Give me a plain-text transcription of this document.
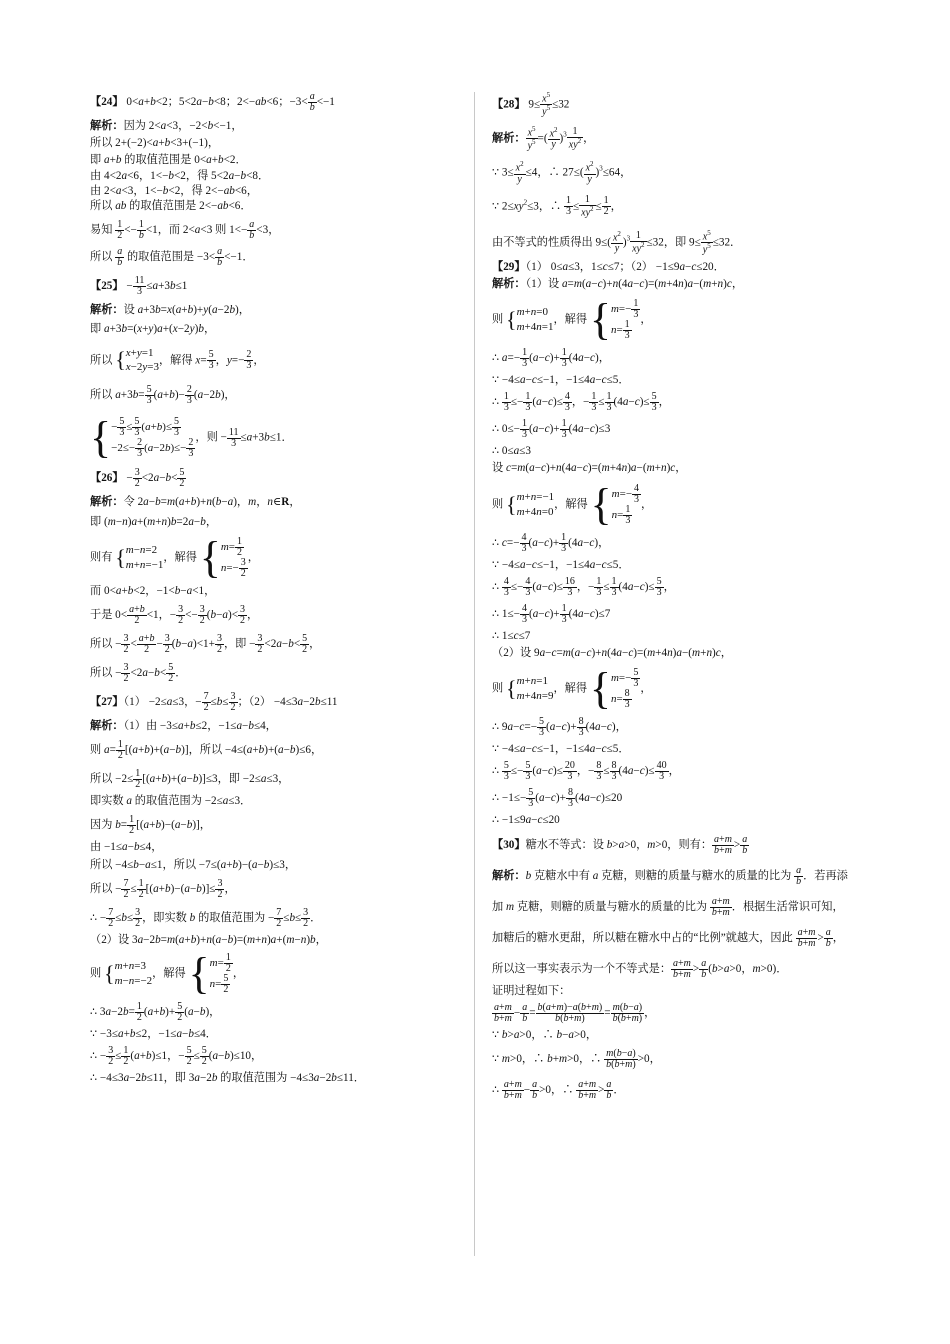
【24】 0<a+b<2；5<2a−b<8；2<−ab<6；$-3< \frac{a}{b} <-1$
解析：因为 2<a<3，−2<b<−1，
所以 2+(−2)<a+b<3+(−1)，
即 a+b 的取值范围是 0<a+b<2．
由 4<2a<6，1<−b<2，得 5<2a−b<8．
由 2<a<3，1<−b<2，得 2<−ab<6，
所以 ab 的取值范围是 2<−ab<6．
易知 $\frac{1}{2} <- \frac{1}{b} <1$，而 2<a<3 则 $1<- \frac{a}{b} <3$，
所以 $\frac{a}{b}$ 的取值范围是 $-3< \frac{a}{b} <-1$．
【25】 − $\frac{11}{3} \le a+3b\le 1$
解析：设 a+3b=x(a+b)+y(a−2b)，
即 a+3b=(x+y)a+(x−2y)b，
所以 { x+y=1
x−2y=3
，解得 $x= \frac{5}{3}$ ，$y=- \frac{2}{3}$ ，
所以 $a+3b= \frac{5}{3} (a+b)- \frac{2}{3} (a-2b)$，
{ − $\frac{5}{3} \le \frac{5}{3} (a+b)\le \frac{5}{3}$
$-2\le- \frac{2}{3} (a-2b)\le- \frac{2}{3}$
，则 − $\frac{11}{3} \le a+3b\le 1$．
【26】 − $\frac{3}{2} <2a-b< \frac{5}{2}$
解析：令 2a−b=m(a+b)+n(b−a)，m，n∈R，
即 (m−n)a+(m+n)b=2a−b，
则有 { m−n=2
m+n=−1
，解得 { $m= \frac{1}{2}$
$n=- \frac{3}{2}$
，
而 0<a+b<2，−1<b−a<1，
于是 $0< \frac{a+b}{2} <1$，− $\frac{3}{2} <- \frac{3}{2} (b-a)< \frac{3}{2}$ ，
所以 − $\frac{3}{2} < \frac{a+b}{2} - \frac{3}{2} (b-a)<1+ \frac{3}{2}$ ，即 − $\frac{3}{2} <2a-b< \frac{5}{2}$ ，
所以 − $\frac{3}{2} <2a-b< \frac{5}{2}$ ．
【27】（1） −2≤a≤3，− $\frac{7}{2} \le b\le \frac{3}{2}$ ；（2） −4≤3a−2b≤11
解析：（1）由 −3≤a+b≤2，−1≤a−b≤4，
则 $a= \frac{1}{2} [(a+b)+(a-b)]$，所以 −4≤(a+b)+(a−b)≤6，
所以 $-2\le \frac{1}{2} [(a+b)+(a-b)]\le 3$，即 −2≤a≤3，
即实数 a 的取值范围为 −2≤a≤3．
因为 $b= \frac{1}{2} [(a+b)-(a-b)]$，
由 −1≤a−b≤4，
所以 −4≤b−a≤1，所以 −7≤(a+b)−(a−b)≤3，
所以 − $\frac{7}{2} \le \frac{1}{2} [(a+b)-(a-b)]\le \frac{3}{2}$ ，
∴ − $\frac{7}{2} \le b\le \frac{3}{2}$ ，即实数 b 的取值范围为 − $\frac{7}{2} \le b\le \frac{3}{2}$ ．
（2）设 3a−2b=m(a+b)+n(a−b)=(m+n)a+(m−n)b，
则 { m+n=3
m−n=−2
，解得 { $m= \frac{1}{2}$
$n= \frac{5}{2}$
，
∴ $3a-2b= \frac{1}{2} (a+b)+ \frac{5}{2} (a-b)$，
∵ −3≤a+b≤2，−1≤a−b≤4．
∴ − $\frac{3}{2} \le \frac{1}{2} (a+b)\le 1$，− $\frac{5}{2} \le \frac{5}{2} (a-b)\le 10$，
∴ −4≤3a−2b≤11，即 3a−2b 的取值范围为 −4≤3a−2b≤11．
【28】 $9\le \frac{x^5}{y^5} \le 32$
解析： $\frac{x^5}{y^5}$ =( $\frac{x^2}{y} )^3 \frac{1}{xy^2}$ ，
∵ $3\le \frac{x^2}{y} \le 4$，∴ $27\le( \frac{x^2}{y} )^3\le 64$，
∵ $2\le xy^2\le 3$，∴ $\frac{1}{3} \le \frac{1}{xy^2} \le \frac{1}{2}$ ，
由不等式的性质得出 $9\le( \frac{x^2}{y} )^3 \frac{1}{xy^2} \le 32$，即 $9\le \frac{x^5}{y^5} \le 32$．
【29】（1） 0≤a≤3，1≤c≤7；（2） −1≤9a−c≤20．
解析：（1）设 a=m(a−c)+n(4a−c)=(m+4n)a−(m+n)c，
则 { m+n=0
m+4n=1
，解得 { $m=- \frac{1}{3}$
$n= \frac{1}{3}$
，
∴ $a=- \frac{1}{3} (a-c)+ \frac{1}{3} (4a-c)$，
∵ −4≤a−c≤−1，−1≤4a−c≤5．
∴ $\frac{1}{3} \le- \frac{1}{3} (a-c)\le \frac{4}{3}$ ，− $\frac{1}{3} \le \frac{1}{3} (4a-c)\le \frac{5}{3}$ ，
∴ $0\le- \frac{1}{3} (a-c)+ \frac{1}{3} (4a-c)\le 3$
∴ 0≤a≤3
设 c=m(a−c)+n(4a−c)=(m+4n)a−(m+n)c，
则 { m+n=−1
m+4n=0
，解得 { $m=- \frac{4}{3}$
$n= \frac{1}{3}$
，
∴ $c=- \frac{4}{3} (a-c)+ \frac{1}{3} (4a-c)$，
∵ −4≤a−c≤−1，−1≤4a−c≤5．
∴ $\frac{4}{3} \le- \frac{4}{3} (a-c)\le \frac{16}{3}$ ，− $\frac{1}{3} \le \frac{1}{3} (4a-c)\le \frac{5}{3}$ ，
∴ $1\le- \frac{4}{3} (a-c)+ \frac{1}{3} (4a-c)\le 7$
∴ 1≤c≤7
（2）设 9a−c=m(a−c)+n(4a−c)=(m+4n)a−(m+n)c，
则 { m+n=1
m+4n=9
，解得 { $m=- \frac{5}{3}$
$n= \frac{8}{3}$
，
∴ $9a-c=- \frac{5}{3} (a-c)+ \frac{8}{3} (4a-c)$，
∵ −4≤a−c≤−1，−1≤4a−c≤5．
∴ $\frac{5}{3} \le- \frac{5}{3} (a-c)\le \frac{20}{3}$ ，− $\frac{8}{3} \le \frac{8}{3} (4a-c)\le \frac{40}{3}$ ，
∴ $-1\le- \frac{5}{3} (a-c)+ \frac{8}{3} (4a-c)\le 20$
∴ −1≤9a−c≤20
【30】糖水不等式：设 b>a>0，m>0，则有： $\frac{a+m}{b+m} > \frac{a}{b}$
解析：b 克糖水中有 a 克糖，则糖的质量与糖水的质量的比为 $\frac{a}{b}$ ．若再添
加 m 克糖，则糖的质量与糖水的质量的比为 $\frac{a+m}{b+m}$ ．根据生活常识可知，
加糖后的糖水更甜，所以糖在糖水中占的“比例”就越大，因此 $\frac{a+m}{b+m} > \frac{a}{b}$ ，
所以这一事实表示为一个不等式是： $\frac{a+m}{b+m} > \frac{a}{b} (b>a>0$，m>0)．
证明过程如下：
$\frac{a+m}{b+m} - \frac{a}{b} = \frac{b(a+m)-a(b+m)}{b(b+m)} = \frac{m(b-a)}{b(b+m)}$ ，
∵ b>a>0，∴ b−a>0，
∵ m>0，∴ b+m>0，∴ $\frac{m(b-a)}{b(b+m)} >0$，
∴ $\frac{a+m}{b+m} - \frac{a}{b} >0$，∴ $\frac{a+m}{b+m} > \frac{a}{b}$ ．
